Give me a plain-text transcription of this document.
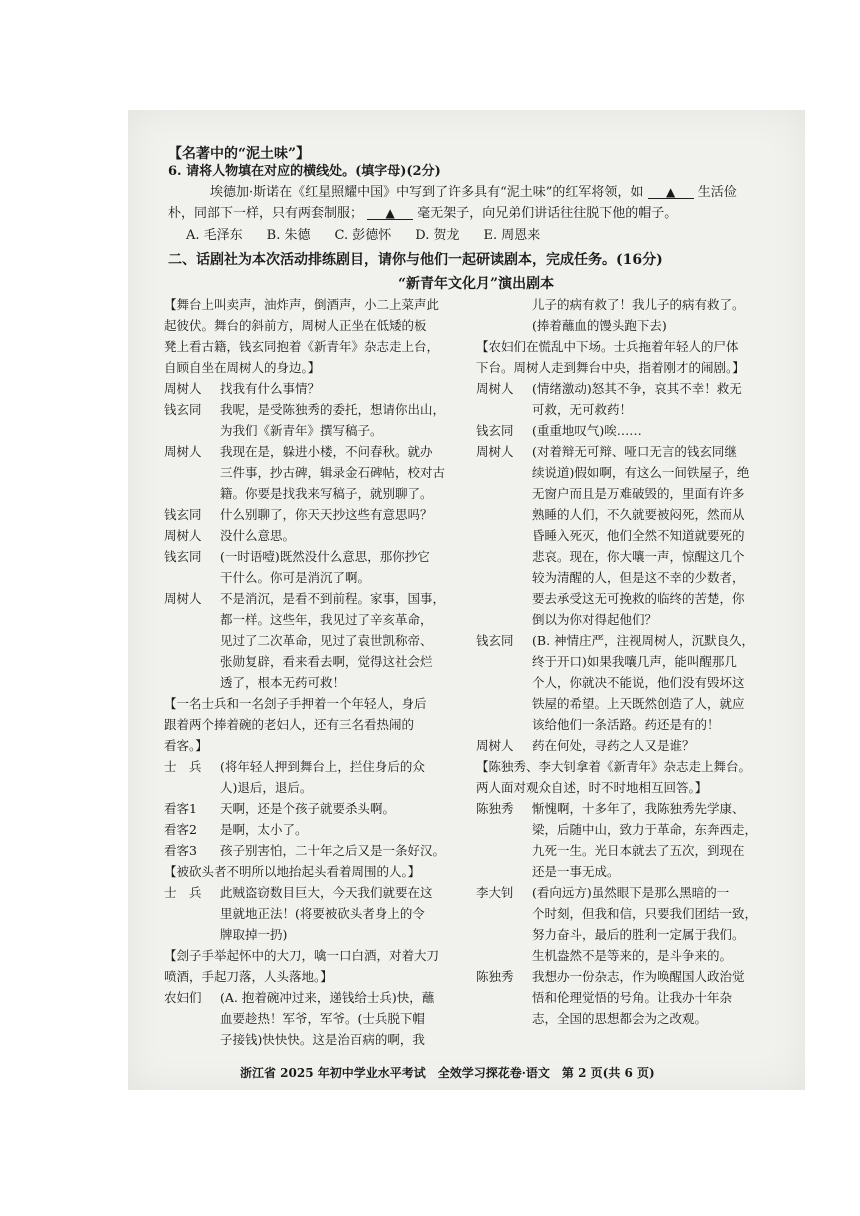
【名著中的“泥土味”】
6. 请将人物填在对应的横线处。(填字母)(2分)
埃德加·斯诺在《红星照耀中国》中写到了许多具有“泥土味”的红军将领，如 ▲ 生活俭
朴，同部下一样，只有两套制服； ▲ 毫无架子，向兄弟们讲话往往脱下他的帽子。
A. 毛泽东 B. 朱德 C. 彭德怀 D. 贺龙 E. 周恩来
二、话剧社为本次活动排练剧目，请你与他们一起研读剧本，完成任务。(16分)
“新青年文化月”演出剧本
【舞台上叫卖声，油炸声，倒酒声，小二上菜声此
起彼伏。舞台的斜前方，周树人正坐在低矮的板
凳上看古籍，钱玄同抱着《新青年》杂志走上台，
自顾自坐在周树人的身边。】
周树人	找我有什么事情？
钱玄同	我呢，是受陈独秀的委托，想请你出山，
为我们《新青年》撰写稿子。
周树人	我现在是，躲进小楼，不问春秋。就办
三件事，抄古碑，辑录金石碑帖，校对古
籍。你要是找我来写稿子，就别聊了。
钱玄同	什么别聊了，你天天抄这些有意思吗？
周树人	没什么意思。
钱玄同	(一时语噎)既然没什么意思，那你抄它
干什么。你可是消沉了啊。
周树人	不是消沉，是看不到前程。家事，国事，
都一样。这些年，我见过了辛亥革命，
见过了二次革命，见过了袁世凯称帝、
张勋复辟，看来看去啊，觉得这社会烂
透了，根本无药可救！
【一名士兵和一名刽子手押着一个年轻人，身后
跟着两个捧着碗的老妇人，还有三名看热闹的
看客。】
士　兵	(将年轻人押到舞台上，拦住身后的众
人)退后，退后。
看客1	天啊，还是个孩子就要杀头啊。
看客2	是啊，太小了。
看客3	孩子别害怕，二十年之后又是一条好汉。
【被砍头者不明所以地抬起头看着周围的人。】
士　兵	此贼盗窃数目巨大，今天我们就要在这
里就地正法！(将要被砍头者身上的令
牌取掉一扔)
【刽子手举起怀中的大刀，噙一口白酒，对着大刀
喷酒，手起刀落，人头落地。】
农妇们	(A. 抱着碗冲过来，递钱给士兵)快，蘸
血要趁热！军爷，军爷。(士兵脱下帽
子接钱)快快快。这是治百病的啊，我
儿子的病有救了！我儿子的病有救了。
(捧着蘸血的馒头跑下去)
【农妇们在慌乱中下场。士兵拖着年轻人的尸体
下台。周树人走到舞台中央，指着刚才的闹剧。】
周树人	(情绪激动)怒其不争，哀其不幸！救无
可救，无可救药！
钱玄同	(重重地叹气)唉……
周树人	(对着辩无可辩、哑口无言的钱玄同继
续说道)假如啊，有这么一间铁屋子，绝
无窗户而且是万难破毁的，里面有许多
熟睡的人们，不久就要被闷死，然而从
昏睡入死灭，他们全然不知道就要死的
悲哀。现在，你大嚷一声，惊醒这几个
较为清醒的人，但是这不幸的少数者，
要去承受这无可挽救的临终的苦楚，你
倒以为你对得起他们？
钱玄同	(B. 神情庄严，注视周树人，沉默良久，
终于开口)如果我嚷几声，能叫醒那几
个人，你就决不能说，他们没有毁坏这
铁屋的希望。上天既然创造了人，就应
该给他们一条活路。药还是有的！
周树人	药在何处，寻药之人又是谁？
【陈独秀、李大钊拿着《新青年》杂志走上舞台。
两人面对观众自述，时不时地相互回答。】
陈独秀	惭愧啊，十多年了，我陈独秀先学康、
梁，后随中山，致力于革命，东奔西走，
九死一生。光日本就去了五次，到现在
还是一事无成。
李大钊	(看向远方)虽然眼下是那么黑暗的一
个时刻，但我和信，只要我们团结一致，
努力奋斗，最后的胜利一定属于我们。
生机盎然不是等来的，是斗争来的。
陈独秀	我想办一份杂志，作为唤醒国人政治觉
悟和伦理觉悟的号角。让我办十年杂
志，全国的思想都会为之改观。
浙江省 2025 年初中学业水平考试　全效学习探花卷·语文　第 2 页(共 6 页)
